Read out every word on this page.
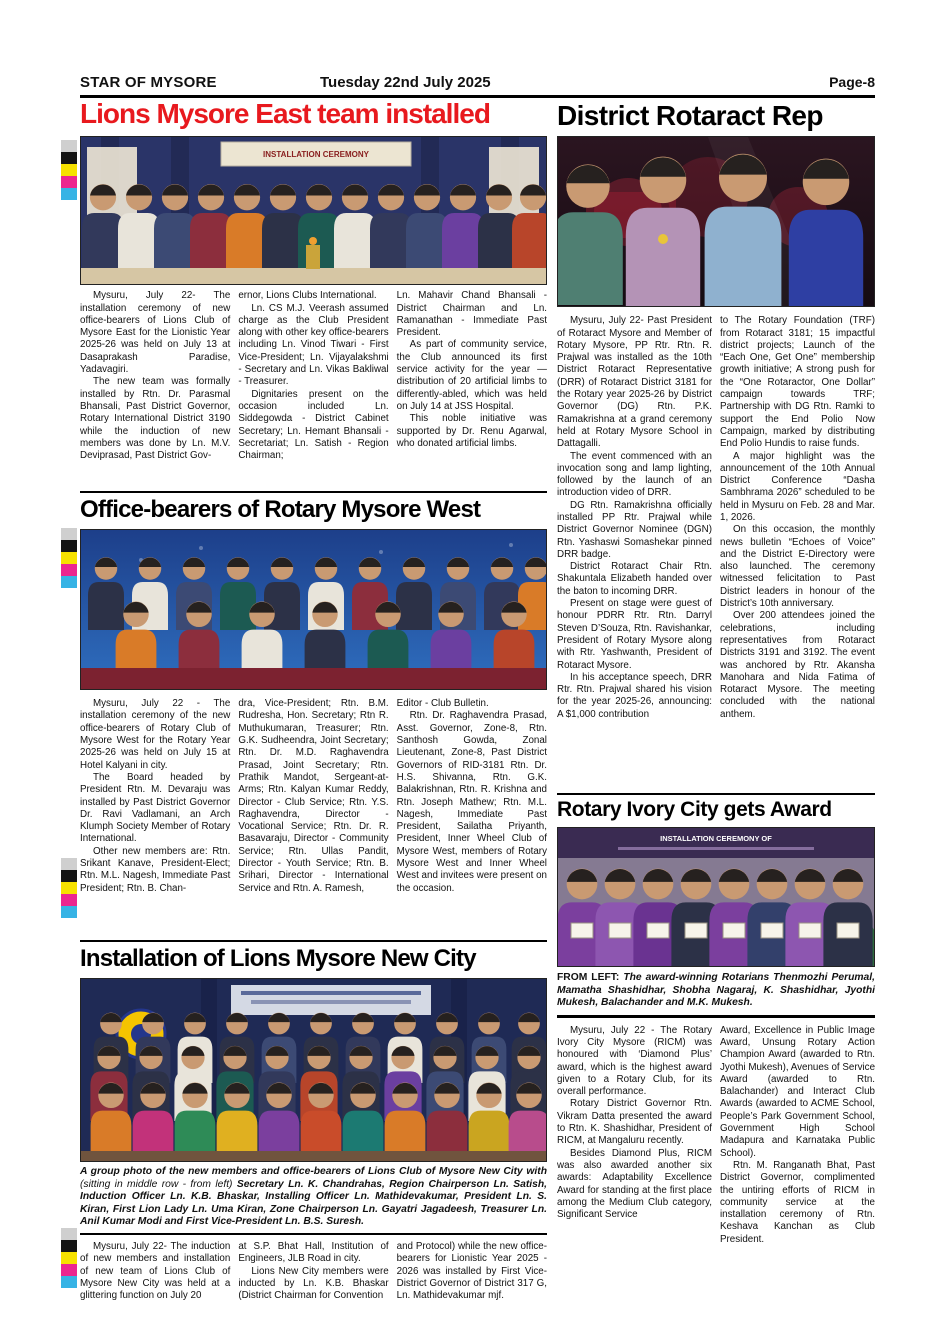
STAR OF MYSORE	Tuesday 22nd July 2025	Page-8
Lions Mysore East team installed
INSTALLATION CEREMONY

Mysuru, July 22- The installation ceremony of new office-bearers of Lions Club of Mysore East for the Lionistic Year 2025-26 was held on July 13 at Dasaprakash Paradise, Yadavagiri.

The new team was formally installed by Rtn. Dr. Parasmal Bhansali, Past District Governor, Rotary International District 3190 while the induction of new members was done by Ln. M.V. Deviprasad, Past District Gov-

ernor, Lions Clubs International.

Ln. CS M.J. Veerash assumed charge as the Club President along with other key office-bearers including Ln. Vinod Tiwari - First Vice-President; Ln. Vijayalakshmi - Secretary and Ln. Vikas Bakliwal - Treasurer.

Dignitaries present on the occasion included Ln. Siddegowda - District Cabinet Secretary; Ln. Hemant Bhansali - Secretariat; Ln. Satish - Region Chairman;

Ln. Mahavir Chand Bhansali - District Chairman and Ln. Ramanathan - Immediate Past President.

As part of community service, the Club announced its first service activity for the year — distribution of 20 artificial limbs to differently-abled, which was held on July 14 at JSS Hospital.

This noble initiative was supported by Dr. Renu Agarwal, who donated artificial limbs.

Office-bearers of Rotary Mysore West

Mysuru, July 22 - The installation ceremony of the new office-bearers of Rotary Club of Mysore West for the Rotary Year 2025-26 was held on July 15 at Hotel Kalyani in city.

The Board headed by President Rtn. M. Devaraju was installed by Past District Governor Dr. Ravi Vadlamani, an Arch Klumph Society Member of Rotary International.

Other new members are: Rtn. Srikant Kanave, President-Elect; Rtn. M.L. Nagesh, Immediate Past President; Rtn. B. Chan-

dra, Vice-President; Rtn. B.M. Rudresha, Hon. Secretary; Rtn R. Muthukumaran, Treasurer; Rtn. G.K. Sudheendra, Joint Secretary; Rtn. Dr. M.D. Raghavendra Prasad, Joint Secretary; Rtn. Prathik Mandot, Sergeant-at-Arms; Rtn. Kalyan Kumar Reddy, Director - Club Service; Rtn. Y.S. Raghavendra, Director - Vocational Service; Rtn. Dr. R. Basavaraju, Director - Community Service; Rtn. Ullas Pandit, Director - Youth Service; Rtn. B. Srihari, Director - International Service and Rtn. A. Ramesh,

Editor - Club Bulletin.

Rtn. Dr. Raghavendra Prasad, Asst. Governor, Zone-8, Rtn. Santhosh Gowda, Zonal Lieutenant, Zone-8, Past District Governors of RID-3181 Rtn. Dr. H.S. Shivanna, Rtn. G.K. Balakrishnan, Rtn. R. Krishna and Rtn. Joseph Mathew; Rtn. M.L. Nagesh, Immediate Past President, Sailatha Priyanth, President, Inner Wheel Club of Mysore West, members of Rotary Mysore West and Inner Wheel West and invitees were present on the occasion.

Installation of Lions Mysore New City
A group photo of the new members and office-bearers of Lions Club of Mysore New City with (sitting in middle row - from left) Secretary Ln. K. Chandrahas, Region Chairperson Ln. Satish, Induction Officer Ln. K.B. Bhaskar, Installing Officer Ln. Mathidevakumar, President Ln. S. Kiran, First Lion Lady Ln. Uma Kiran, Zone Chairperson Ln. Gayatri Jagadeesh, Treasurer Ln. Anil Kumar Modi and First Vice-President Ln. B.S. Suresh.

Mysuru, July 22- The induction of new members and installation of new team of Lions Club of Mysore New City was held at a glittering function on July 20

at S.P. Bhat Hall, Institution of Engineers, JLB Road in city.

Lions New City members were inducted by Ln. K.B. Bhaskar (District Chairman for Convention

and Protocol) while the new office-bearers for Lionistic Year 2025 - 2026 was installed by First Vice-District Governor of District 317 G, Ln. Mathidevakumar mjf.

District Rotaract Rep

Mysuru, July 22- Past President of Rotaract Mysore and Member of Rotary Mysore, PP Rtr. Rtn. R. Prajwal was installed as the 10th District Rotaract Representative (DRR) of Rotaract District 3181 for the Rotary year 2025-26 by District Governor (DG) Rtn. P.K. Ramakrishna at a grand ceremony held at Rotary Mysore School in Dattagalli.

The event commenced with an invocation song and lamp lighting, followed by the launch of an introduction video of DRR.

DG Rtn. Ramakrishna officially installed PP Rtr. Prajwal while District Governor Nominee (DGN) Rtn. Yashaswi Somashekar pinned DRR badge.

District Rotaract Chair Rtn. Shakuntala Elizabeth handed over the baton to incoming DRR.

Present on stage were guest of honour PDRR Rtr. Rtn. Darryl Steven D’Souza, Rtn. Ravishankar, President of Rotary Mysore along with Rtr. Yashwanth, President of Rotaract Mysore.

In his acceptance speech, DRR Rtr. Rtn. Prajwal shared his vision for the year 2025-26, announcing: A $1,000 contribution

to The Rotary Foundation (TRF) from Rotaract 3181; 15 impactful district projects; Launch of the “Each One, Get One” membership growth initiative; A strong push for the “One Rotaractor, One Dollar” campaign towards TRF; Partnership with DG Rtn. Ramki to support the End Polio Now Campaign, marked by distributing End Polio Hundis to raise funds.

A major highlight was the announcement of the 10th Annual District Conference “Dasha Sambhrama 2026” scheduled to be held in Mysuru on Feb. 28 and Mar. 1, 2026.

On this occasion, the monthly news bulletin “Echoes of Voice” and the District E-Directory were also launched. The ceremony witnessed felicitation to Past District leaders in honour of the District’s 10th anniversary.

Over 200 attendees joined the celebrations, including representatives from Rotaract Districts 3191 and 3192. The event was anchored by Rtr. Akansha Manohara and Nida Fatima of Rotaract Mysore. The meeting concluded with the national anthem.

Rotary Ivory City gets Award
INSTALLATION CEREMONY OF
FROM LEFT: The award-winning Rotarians Thenmozhi Perumal, Mamatha Shashidhar, Shobha Nagaraj, K. Shashidhar, Jyothi Mukesh, Balachander and M.K. Mukesh.

Mysuru, July 22 - The Rotary Ivory City Mysore (RICM) was honoured with ‘Diamond Plus’ award, which is the highest award given to a Rotary Club, for its overall performance.

Rotary District Governor Rtn. Vikram Datta presented the award to Rtn. K. Shashidhar, President of RICM, at Mangaluru recently.

Besides Diamond Plus, RICM was also awarded another six awards: Adaptability Excellence Award for standing at the first place among the Medium Club category, Significant Service

Award, Excellence in Public Image Award, Unsung Rotary Action Champion Award (awarded to Rtn. Jyothi Mukesh), Avenues of Service Award (awarded to Rtn. Balachander) and Interact Club Awards (awarded to ACME School, People’s Park Government School, Government High School Madapura and Karnataka Public School).

Rtn. M. Ranganath Bhat, Past District Governor, complimented the untiring efforts of RICM in community service at the installation ceremony of Rtn. Keshava Kanchan as Club President.
